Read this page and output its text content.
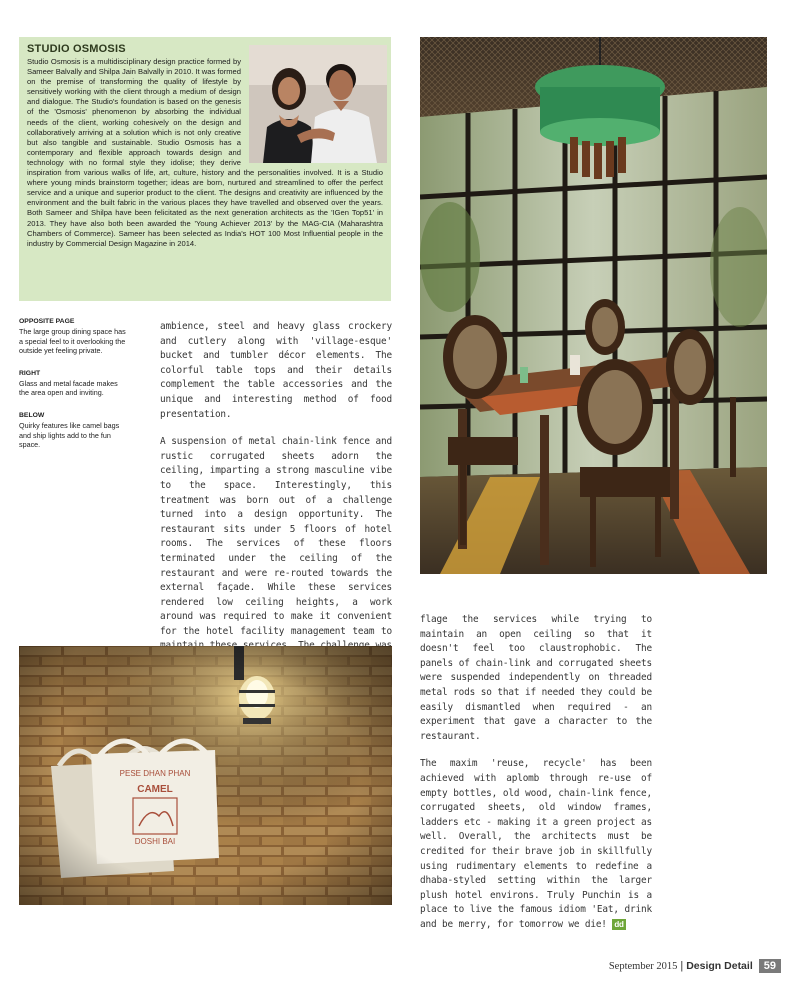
STUDIO OSMOSIS

Studio Osmosis is a multidisciplinary design practice formed by Sameer Balvally and Shilpa Jain Balvally in 2010. It was formed on the premise of transforming the quality of lifestyle by sensitively working with the client through a medium of design and dialogue. The Studio's foundation is based on the genesis of the 'Osmosis' phenomenon by absorbing the individual needs of the client, working cohesively on the design and collaboratively arriving at a solution which is not only creative but also tangible and sustainable. Studio Osmosis has a contemporary and flexible approach towards design and technology with no formal style they idolise; they derive inspiration from various walks of life, art, culture, history and the personalities involved. It is a Studio where young minds brainstorm together; ideas are born, nurtured and streamlined to offer the perfect service and a unique and superior product to the client. The designs and creativity are influenced by the environment and the built fabric in the various places they have travelled and observed over the years. Both Sameer and Shilpa have been felicitated as the next generation architects as the 'IGen Top51' in 2013. They have also both been awarded the 'Young Achiever 2013' by the MAG-CIA (Maharashtra Chambers of Commerce). Sameer has been selected as India's HOT 100 Most Influential people in the industry by Commercial Design Magazine in 2014.

OPPOSITE PAGE
The large group dining space has a special feel to it overlooking the outside yet feeling private.
RIGHT
Glass and metal facade makes the area open and inviting.
BELOW
Quirky features like camel bags and ship lights add to the fun space.

ambience, steel and heavy glass crockery and cutlery along with 'village-esque' bucket and tumbler décor elements. The colorful table tops and their details complement the table accessories and the unique and interesting method of food presentation.

A suspension of metal chain-link fence and rustic corrugated sheets adorn the ceiling, imparting a strong masculine vibe to the space. Interestingly, this treatment was born out of a challenge turned into a design opportunity. The restaurant sits under 5 floors of hotel rooms. The services of these floors terminated under the ceiling of the restaurant and were re-routed towards the external façade. While these services rendered low ceiling heights, a work around was required to make it convenient for the hotel facility management team to

flage the services while trying to maintain an open ceiling so that it doesn't feel too claustrophobic. The panels of chain-link and corrugated sheets were suspended independently on threaded metal rods so that if needed they could be easily dismantled when required - an experiment that gave a character to the restaurant.

The maxim 'reuse, recycle' has been achieved with aplomb through re-use of empty bottles, old wood, chain-link fence, corrugated sheets, old window frames, ladders etc - making it a green project as well. Overall, the architects must be credited for their brave job in skillfully using rudimentary elements to redefine a dhaba-styled setting within the larger plush hotel environs. Truly Punchin is a place to live the famous idiom 'Eat, drink and be merry, for tomorrow we die! dd

September 2015 | Design Detail	59
